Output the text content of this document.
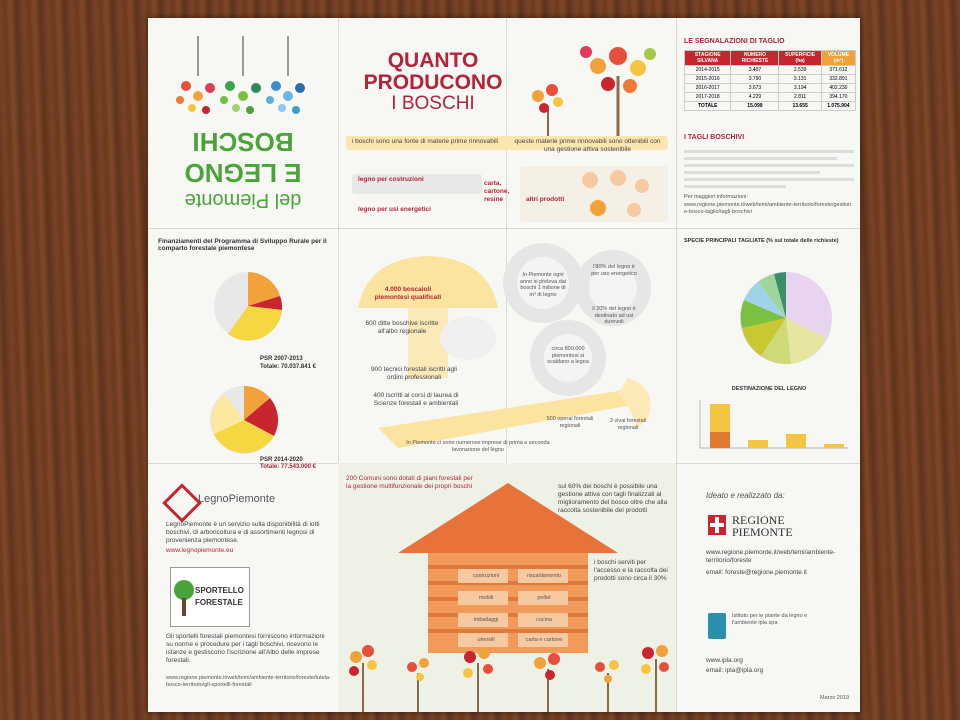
del Piemonte
E LEGNO
BOSCHI
QUANTO
PRODUCONO
I BOSCHI
i boschi sono una fonte di materie prime rinnovabili	queste materie prime rinnovabili sono ottenibili con una gestione attiva sostenibile
legno per costruzioni
legno per usi energetici
carta, cartone, resine	altri prodotti
LE SEGNALAZIONI DI TAGLIO
STAGIONE SILVANA	NUMERO RICHIESTE	SUPERFICIE (ha)	VOLUME (m³)
2014-2015	3.407	2.539	371.612
2015-2016	3.790	3.131	332.891
2016-2017	3.673	3.194	402.230
2017-2018	4.229	2.811	394.170
TOTALE	15.099	13.655	1.075.904
I TAGLI BOSCHIVI
Per maggiori informazioni:
www.regione.piemonte.it/web/temi/ambiente-territorio/foreste/gestione-bosco-taglio/tagli-boschivi
Finanziamenti del Programma di Sviluppo Rurale per il comparto forestale piemontese
PSR 2007-2013
Totale: 70.037.841 €
PSR 2014-2020
Totale: 77.543.000 €
4.000 boscaioli piemontesi qualificati
600 ditte boschive iscritte all'albo regionale
900 tecnici forestali iscritti agli ordini professionali
400 iscritti ai corsi di laurea di Scienze forestali e ambientali
In Piemonte ci sono numerose imprese di prima e seconda lavorazione del legno
In Piemonte ogni anno si preleva dai boschi 1 milione di m³ di legno
l'80% del legno è per uso energetico
il 20% del legno è destinato ad usi durevoli
circa 800.000 piemontesi si scaldano a legna
500 operai forestali regionali
3 vivai forestali regionali
SPECIE PRINCIPALI TAGLIATE (% sul totale delle richieste)
DESTINAZIONE DEL LEGNO
LegnoPiemonte
LegnoPiemonte è un servizio sulla disponibilità di lotti boschivi, di arboricoltura e di assortimenti legnosi di provenienza piemontese.
www.legnopiemonte.eu
SPORTELLO
FORESTALE
Gli sportelli forestali piemontesi forniscono informazioni su norme e procedure per i tagli boschivi, ricevono le istanze e gestiscono l'iscrizione all'Albo delle imprese forestali.
www.regione.piemonte.it/web/temi/ambiente-territorio/foreste/tutela-bosco-territorio/gli-sportelli-forestali
200 Comuni sono dotati di piani forestali per la gestione multifunzionale dei propri boschi	sul 60% dei boschi è possibile una gestione attiva con tagli finalizzati al miglioramento del bosco oltre che alla raccolta sostenibile dei prodotti
costruzioni	riscaldamento
mobili	pellet
imballaggi	cucina
utensili	carta e cartone
i boschi serviti per l'accesso e la raccolta dei prodotti sono circa il 30%
Ideato e realizzato da:
REGIONE
PIEMONTE
www.regione.piemonte.it/web/temi/ambiente-territorio/foreste
email: foreste@regione.piemonte.it
Istituto per le piante da legno e l'ambiente ipla spa
www.ipla.org
email: ipla@ipla.org
Marzo 2019
